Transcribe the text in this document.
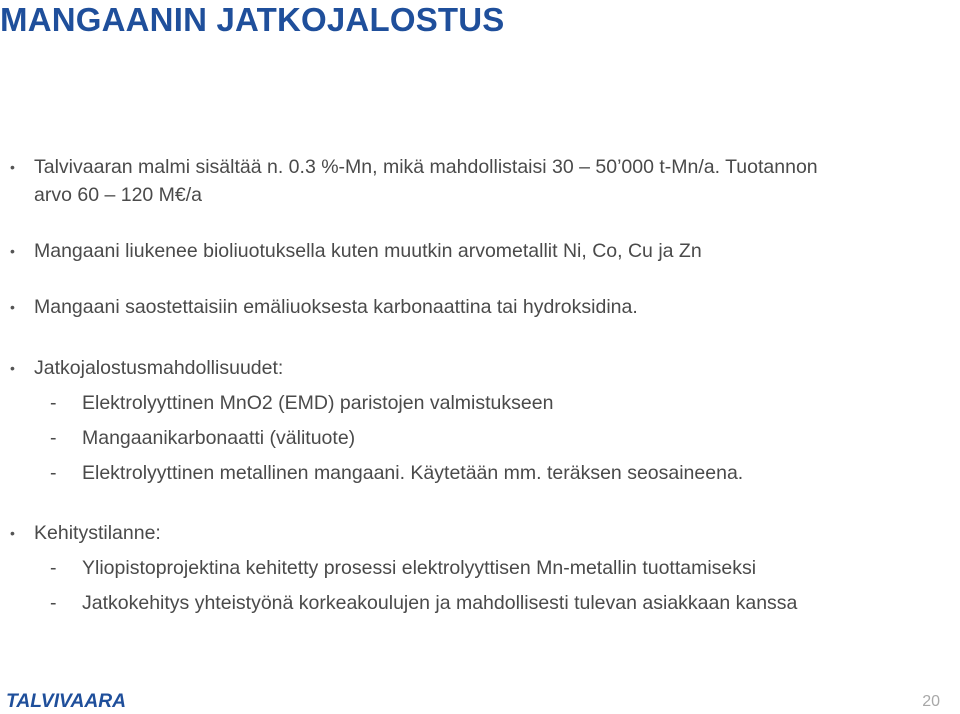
MANGAANIN JATKOJALOSTUS
• Talvivaaran malmi sisältää n. 0.3 %-Mn, mikä mahdollistaisi 30 – 50’000 t-Mn/a. Tuotannon
arvo 60 – 120 M€/a
• Mangaani liukenee bioliuotuksella kuten muutkin arvometallit Ni, Co, Cu ja Zn
• Mangaani saostettaisiin emäliuoksesta karbonaattina tai hydroksidina.
• Jatkojalostusmahdollisuudet:
- Elektrolyyttinen MnO2 (EMD) paristojen valmistukseen
- Mangaanikarbonaatti (välituote)
- Elektrolyyttinen metallinen mangaani. Käytetään mm. teräksen seosaineena.
• Kehitystilanne:
- Yliopistoprojektina kehitetty prosessi elektrolyyttisen Mn-metallin tuottamiseksi
- Jatkokehitys yhteistyönä korkeakoulujen ja mahdollisesti tulevan asiakkaan kanssa
TALVIVAARA	20
